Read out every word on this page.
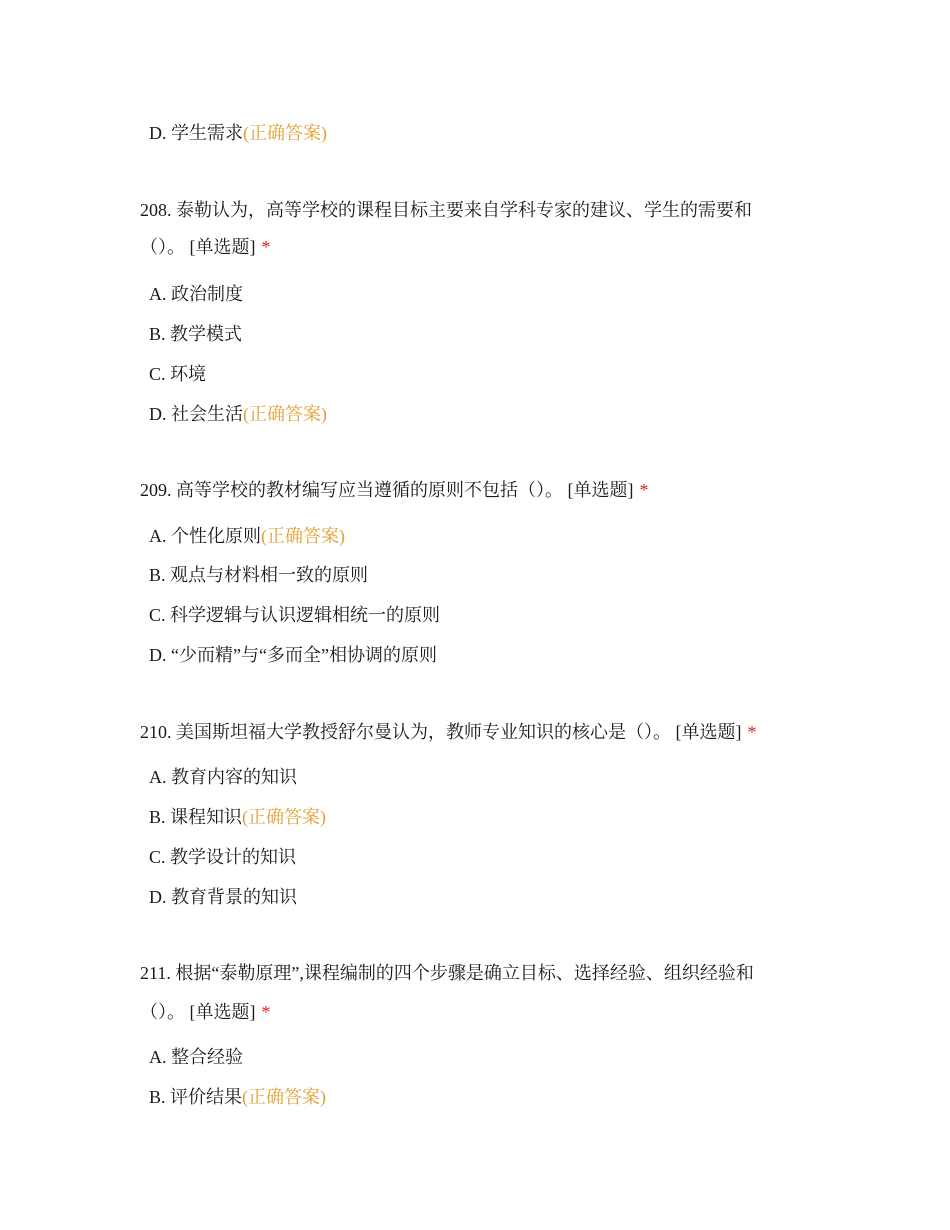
D. 学生需求(正确答案)
208. 泰勒认为，高等学校的课程目标主要来自学科专家的建议、学生的需要和
（）。 [单选题] *
A. 政治制度
B. 教学模式
C. 环境
D. 社会生活(正确答案)
209. 高等学校的教材编写应当遵循的原则不包括（）。 [单选题] *
A. 个性化原则(正确答案)
B. 观点与材料相一致的原则
C. 科学逻辑与认识逻辑相统一的原则
D. “少而精”与“多而全”相协调的原则
210. 美国斯坦福大学教授舒尔曼认为，教师专业知识的核心是（）。 [单选题] *
A. 教育内容的知识
B. 课程知识(正确答案)
C. 教学设计的知识
D. 教育背景的知识
211. 根据“泰勒原理”,课程编制的四个步骤是确立目标、选择经验、组织经验和
（）。 [单选题] *
A. 整合经验
B. 评价结果(正确答案)
